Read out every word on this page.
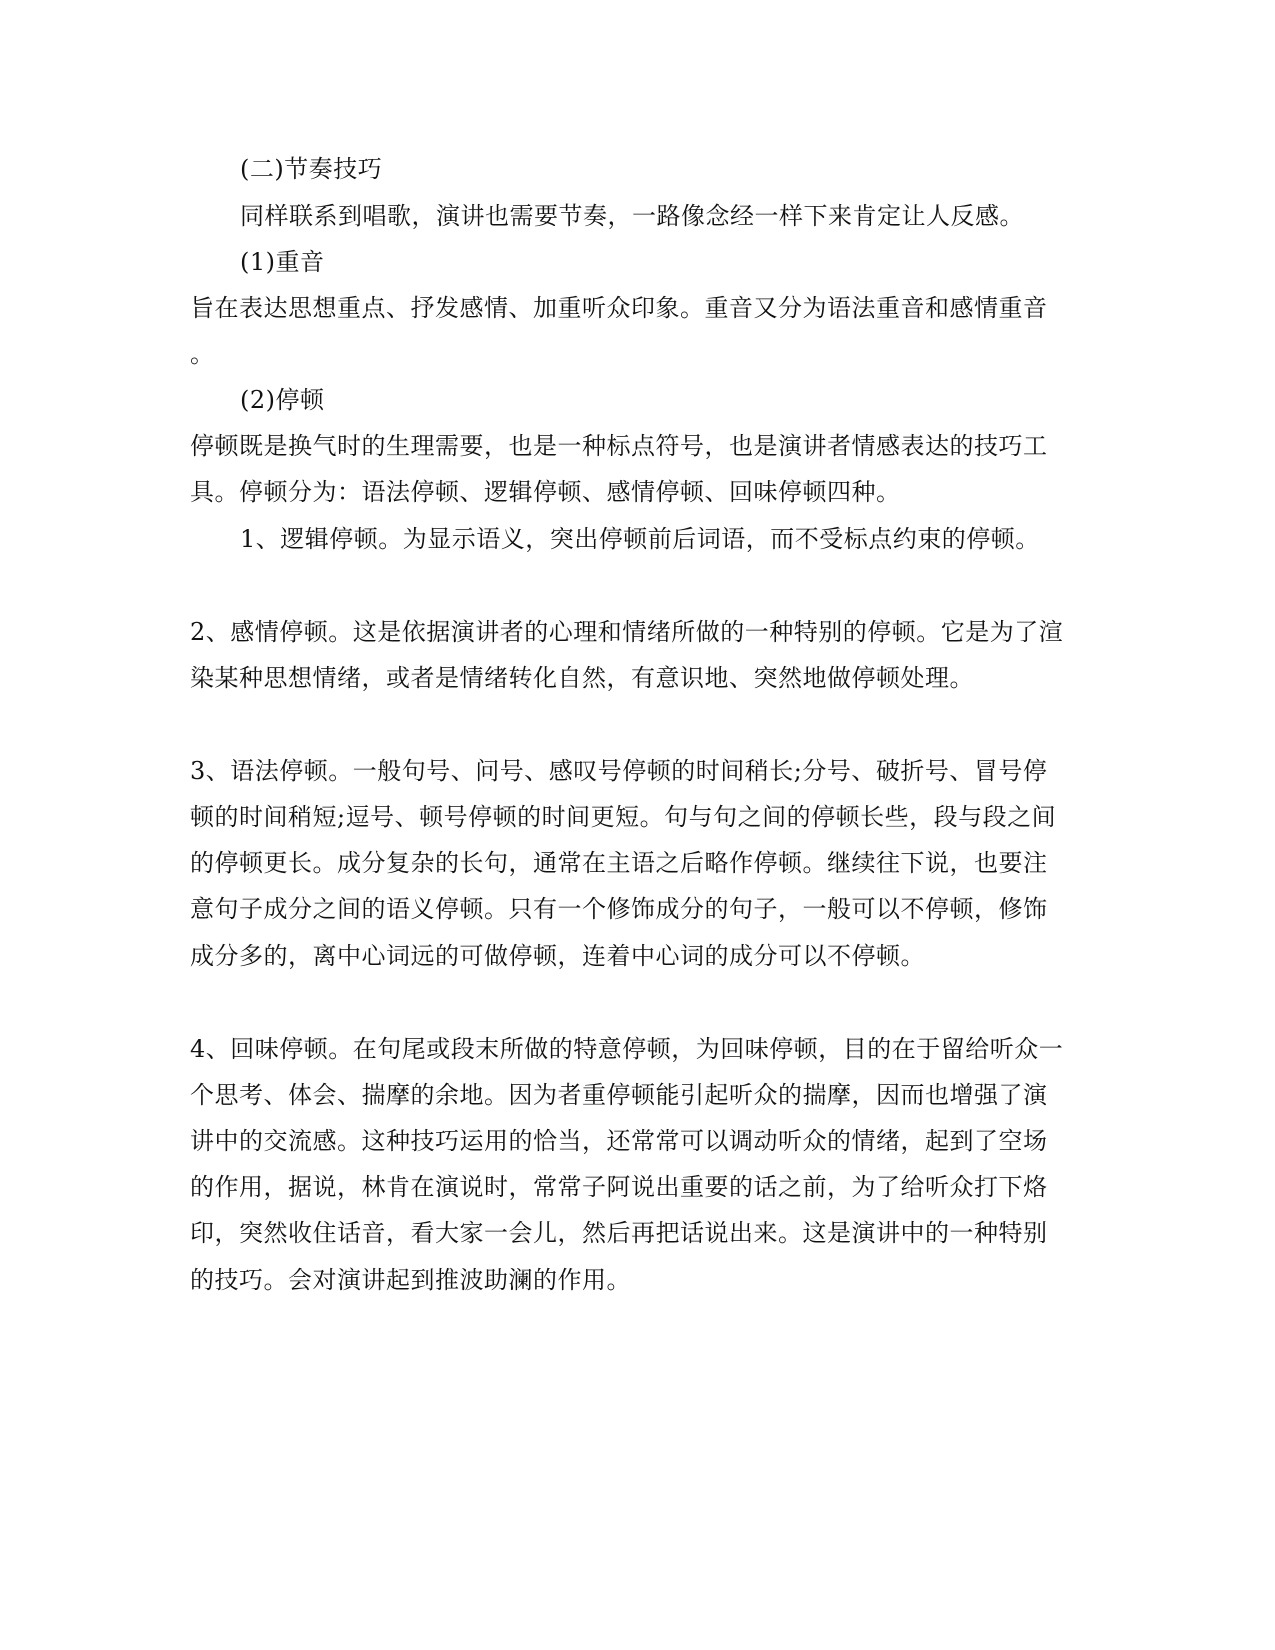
(二)节奏技巧
同样联系到唱歌，演讲也需要节奏，一路像念经一样下来肯定让人反感。
(1)重音
旨在表达思想重点、抒发感情、加重听众印象。重音又分为语法重音和感情重音
。
(2)停顿
停顿既是换气时的生理需要，也是一种标点符号，也是演讲者情感表达的技巧工
具。停顿分为：语法停顿、逻辑停顿、感情停顿、回味停顿四种。
1、逻辑停顿。为显示语义，突出停顿前后词语，而不受标点约束的停顿。
2、感情停顿。这是依据演讲者的心理和情绪所做的一种特别的停顿。它是为了渲
染某种思想情绪，或者是情绪转化自然，有意识地、突然地做停顿处理。
3、语法停顿。一般句号、问号、感叹号停顿的时间稍长;分号、破折号、冒号停
顿的时间稍短;逗号、顿号停顿的时间更短。句与句之间的停顿长些，段与段之间
的停顿更长。成分复杂的长句，通常在主语之后略作停顿。继续往下说，也要注
意句子成分之间的语义停顿。只有一个修饰成分的句子，一般可以不停顿，修饰
成分多的，离中心词远的可做停顿，连着中心词的成分可以不停顿。
4、回味停顿。在句尾或段末所做的特意停顿，为回味停顿，目的在于留给听众一
个思考、体会、揣摩的余地。因为者重停顿能引起听众的揣摩，因而也增强了演
讲中的交流感。这种技巧运用的恰当，还常常可以调动听众的情绪，起到了空场
的作用，据说，林肯在演说时，常常子阿说出重要的话之前，为了给听众打下烙
印，突然收住话音，看大家一会儿，然后再把话说出来。这是演讲中的一种特别
的技巧。会对演讲起到推波助澜的作用。
